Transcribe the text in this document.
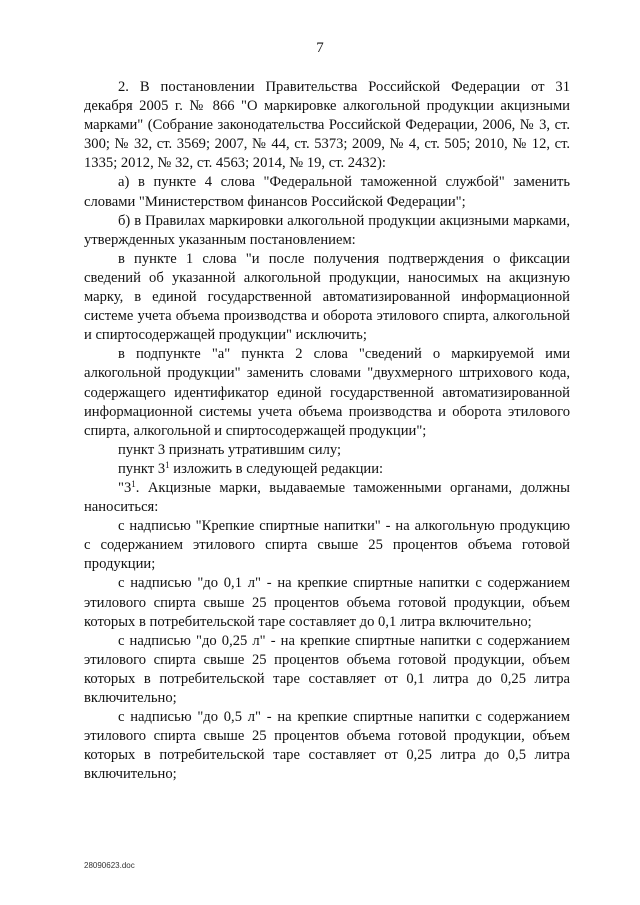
7

2. В постановлении Правительства Российской Федерации от 31 декабря 2005 г. № 866 "О маркировке алкогольной продукции акцизными марками" (Собрание законодательства Российской Федерации, 2006, № 3, ст. 300; № 32, ст. 3569; 2007, № 44, ст. 5373; 2009, № 4, ст. 505; 2010, № 12, ст. 1335; 2012, № 32, ст. 4563; 2014, № 19, ст. 2432):

а) в пункте 4 слова "Федеральной таможенной службой" заменить словами "Министерством финансов Российской Федерации";

б) в Правилах маркировки алкогольной продукции акцизными марками, утвержденных указанным постановлением:

в пункте 1 слова "и после получения подтверждения о фиксации сведений об указанной алкогольной продукции, наносимых на акцизную марку, в единой государственной автоматизированной информационной системе учета объема производства и оборота этилового спирта, алкогольной и спиртосодержащей продукции" исключить;

в подпункте "а" пункта 2 слова "сведений о маркируемой ими алкогольной продукции" заменить словами "двухмерного штрихового кода, содержащего идентификатор единой государственной автоматизированной информационной системы учета объема производства и оборота этилового спирта, алкогольной и спиртосодержащей продукции";

пункт 3 признать утратившим силу;

пункт $3^1$ изложить в следующей редакции:

"$3^1$. Акцизные марки, выдаваемые таможенными органами, должны наноситься:

с надписью "Крепкие спиртные напитки" - на алкогольную продукцию с содержанием этилового спирта свыше 25 процентов объема готовой продукции;

с надписью "до 0,1 л" - на крепкие спиртные напитки с содержанием этилового спирта свыше 25 процентов объема готовой продукции, объем которых в потребительской таре составляет до 0,1 литра включительно;

с надписью "до 0,25 л" - на крепкие спиртные напитки с содержанием этилового спирта свыше 25 процентов объема готовой продукции, объем которых в потребительской таре составляет от 0,1 литра до 0,25 литра включительно;

с надписью "до 0,5 л" - на крепкие спиртные напитки с содержанием этилового спирта свыше 25 процентов объема готовой продукции, объем которых в потребительской таре составляет от 0,25 литра до 0,5 литра включительно;

28090623.doc
